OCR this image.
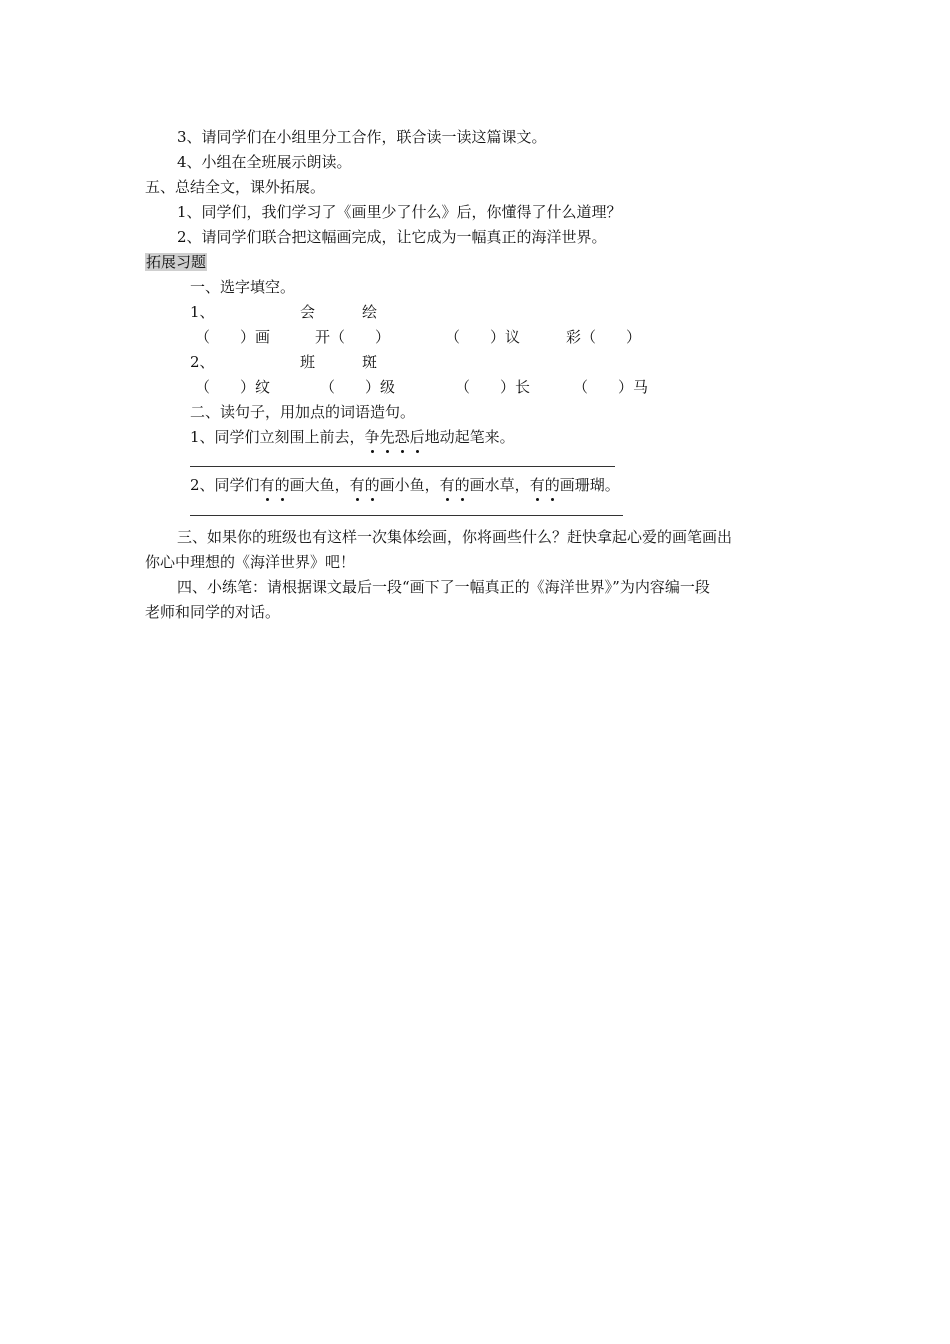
3、请同学们在小组里分工合作，联合读一读这篇课文。
4、小组在全班展示朗读。
五、总结全文，课外拓展。
1、同学们，我们学习了《画里少了什么》后，你懂得了什么道理？
2、请同学们联合把这幅画完成，让它成为一幅真正的海洋世界。
拓展习题
一、选字填空。
1、	会	绘
（　　）画	开（　　）	（　　）议	彩（　　）
2、	班	斑
（　　）纹	（　　）级	（　　）长	（　　）马
二、读句子，用加点的词语造句。
1、同学们立刻围上前去，争先恐后地动起笔来。
2、同学们有的画大鱼，有的画小鱼，有的画水草，有的画珊瑚。
三、如果你的班级也有这样一次集体绘画，你将画些什么？赶快拿起心爱的画笔画出
你心中理想的《海洋世界》吧！
四、小练笔：请根据课文最后一段“画下了一幅真正的《海洋世界》”为内容编一段
老师和同学的对话。
